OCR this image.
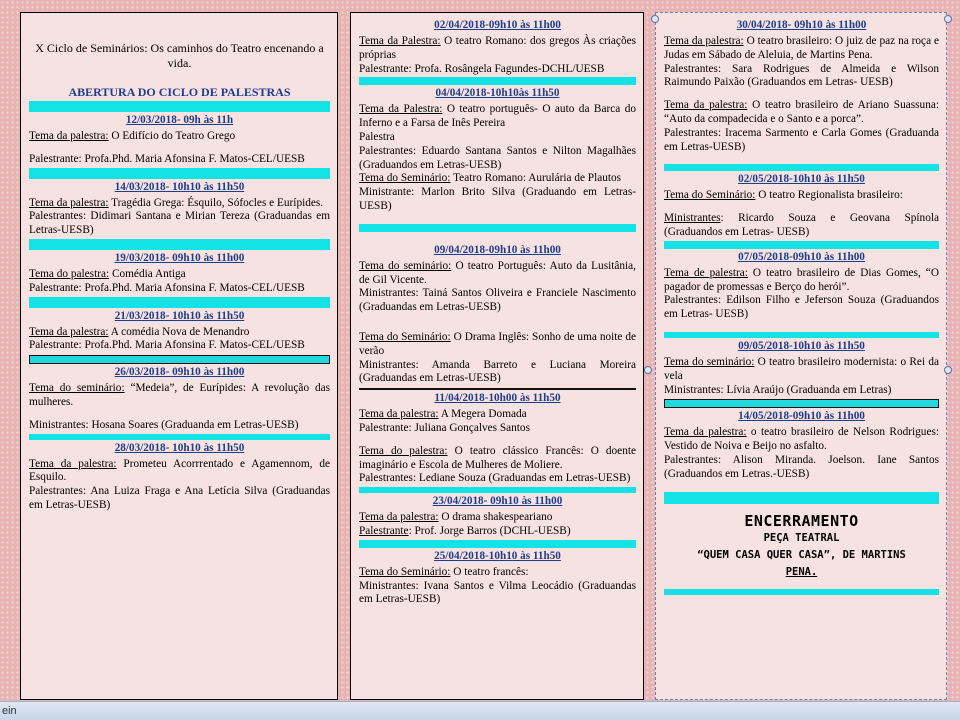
X Ciclo de Seminários: Os caminhos do Teatro encenando a vida.
ABERTURA DO CICLO DE PALESTRAS
12/03/2018- 09h às 11h

Tema da palestra: O Edifício do Teatro Grego

Palestrante: Profa.Phd. Maria Afonsina F. Matos-CEL/UESB

14/03/2018- 10h10 às 11h50

Tema da palestra: Tragédia Grega: Ésquilo, Sófocles e Eurípides.

Palestrantes: Didimari Santana e Mirian Tereza (Graduandas em Letras-UESB)

19/03/2018- 09h10 às 11h00

Tema do palestra: Comédia Antiga

Palestrante: Profa.Phd. Maria Afonsina F. Matos-CEL/UESB

21/03/2018- 10h10 às 11h50

Tema da palestra: A comédia Nova de Menandro

Palestrante: Profa.Phd. Maria Afonsina F. Matos-CEL/UESB

26/03/2018- 09h10 às 11h00

Tema do seminário: “Medeia”, de Eurípides: A revolução das mulheres.

Ministrantes: Hosana Soares (Graduanda em Letras-UESB)

28/03/2018- 10h10 às 11h50

Tema da palestra: Prometeu Acorrrentado e Agamennom, de Esquilo.

Palestrantes: Ana Luiza Fraga e Ana Letícia Silva (Graduandas em Letras-UESB)

02/04/2018-09h10 às 11h00

Tema da Palestra: O teatro Romano: dos gregos Às criações próprias

Palestrante: Profa. Rosângela Fagundes-DCHL/UESB

04/04/2018-10h10às 11h50

Tema da Palestra: O teatro português- O auto da Barca do Inferno e a Farsa de Inês Pereira

Palestra

Palestrantes: Eduardo Santana Santos e Nilton Magalhães (Graduandos em Letras-UESB)

Tema do Seminário: Teatro Romano: Aurulária de Plautos

Ministrante: Marlon Brito Silva (Graduando em Letras-UESB)

09/04/2018-09h10 às 11h00

Tema do seminário: O teatro Português: Auto da Lusitânia, de Gil Vicente.

Ministrantes: Tainá Santos Oliveira e Franciele Nascimento (Graduandas em Letras-UESB)

Tema do Seminário: O Drama Inglês: Sonho de uma noite de verão

Ministrantes: Amanda Barreto e Luciana Moreira (Graduandas em Letras-UESB)

11/04/2018-10h00 às 11h50

Tema da palestra: A Megera Domada

Palestrante: Juliana Gonçalves Santos

Tema do palestra: O teatro clássico Francês: O doente imaginário e Escola de Mulheres de Moliere.

Palestrantes: Lediane Souza (Graduandas em Letras-UESB)

23/04/2018- 09h10 às 11h00

Tema da palestra: O drama shakespeariano

Palestrante: Prof. Jorge Barros (DCHL-UESB)

25/04/2018-10h10 às 11h50

Tema do Seminário: O teatro francês:

Ministrantes: Ivana Santos e Vilma Leocádio (Graduandas em Letras-UESB)

30/04/2018- 09h10 às 11h00

Tema da palestra: O teatro brasileiro: O juiz de paz na roça e Judas em Sábado de Aleluia, de Martins Pena.

Palestrantes: Sara Rodrigues de Almeida e Wilson Raimundo Paixão (Graduandos em Letras- UESB)

Tema da palestra: O teatro brasileiro de Ariano Suassuna: “Auto da compadecida e o Santo e a porca”.

Palestrantes: Iracema Sarmento e Carla Gomes (Graduanda em Letras-UESB)

02/05/2018-10h10 às 11h50

Tema do Seminário: O teatro Regionalista brasileiro:

Ministrantes: Ricardo Souza e Geovana Spínola (Graduandos em Letras- UESB)

07/05/2018-09h10 às 11h00

Tema de palestra: O teatro brasileiro de Dias Gomes, “O pagador de promessas e Berço do herói”.

Palestrantes: Edilson Filho e Jeferson Souza (Graduandos em Letras- UESB)

09/05/2018-10h10 às 11h50

Tema do seminário: O teatro brasileiro modernista: o Rei da vela

Ministrantes: Lívia Araújo (Graduanda em Letras)

14/05/2018-09h10 às 11h00

Tema da palestra: o teatro brasileiro de Nelson Rodrigues: Vestido de Noiva e Beijo no asfalto.

Palestrantes: Alison Miranda. Joelson. Iane Santos (Graduandos em Letras.-UESB)

ENCERRAMENTO
PEÇA TEATRAL
“QUEM CASA QUER CASA”, DE MARTINS
PENA.
ein
